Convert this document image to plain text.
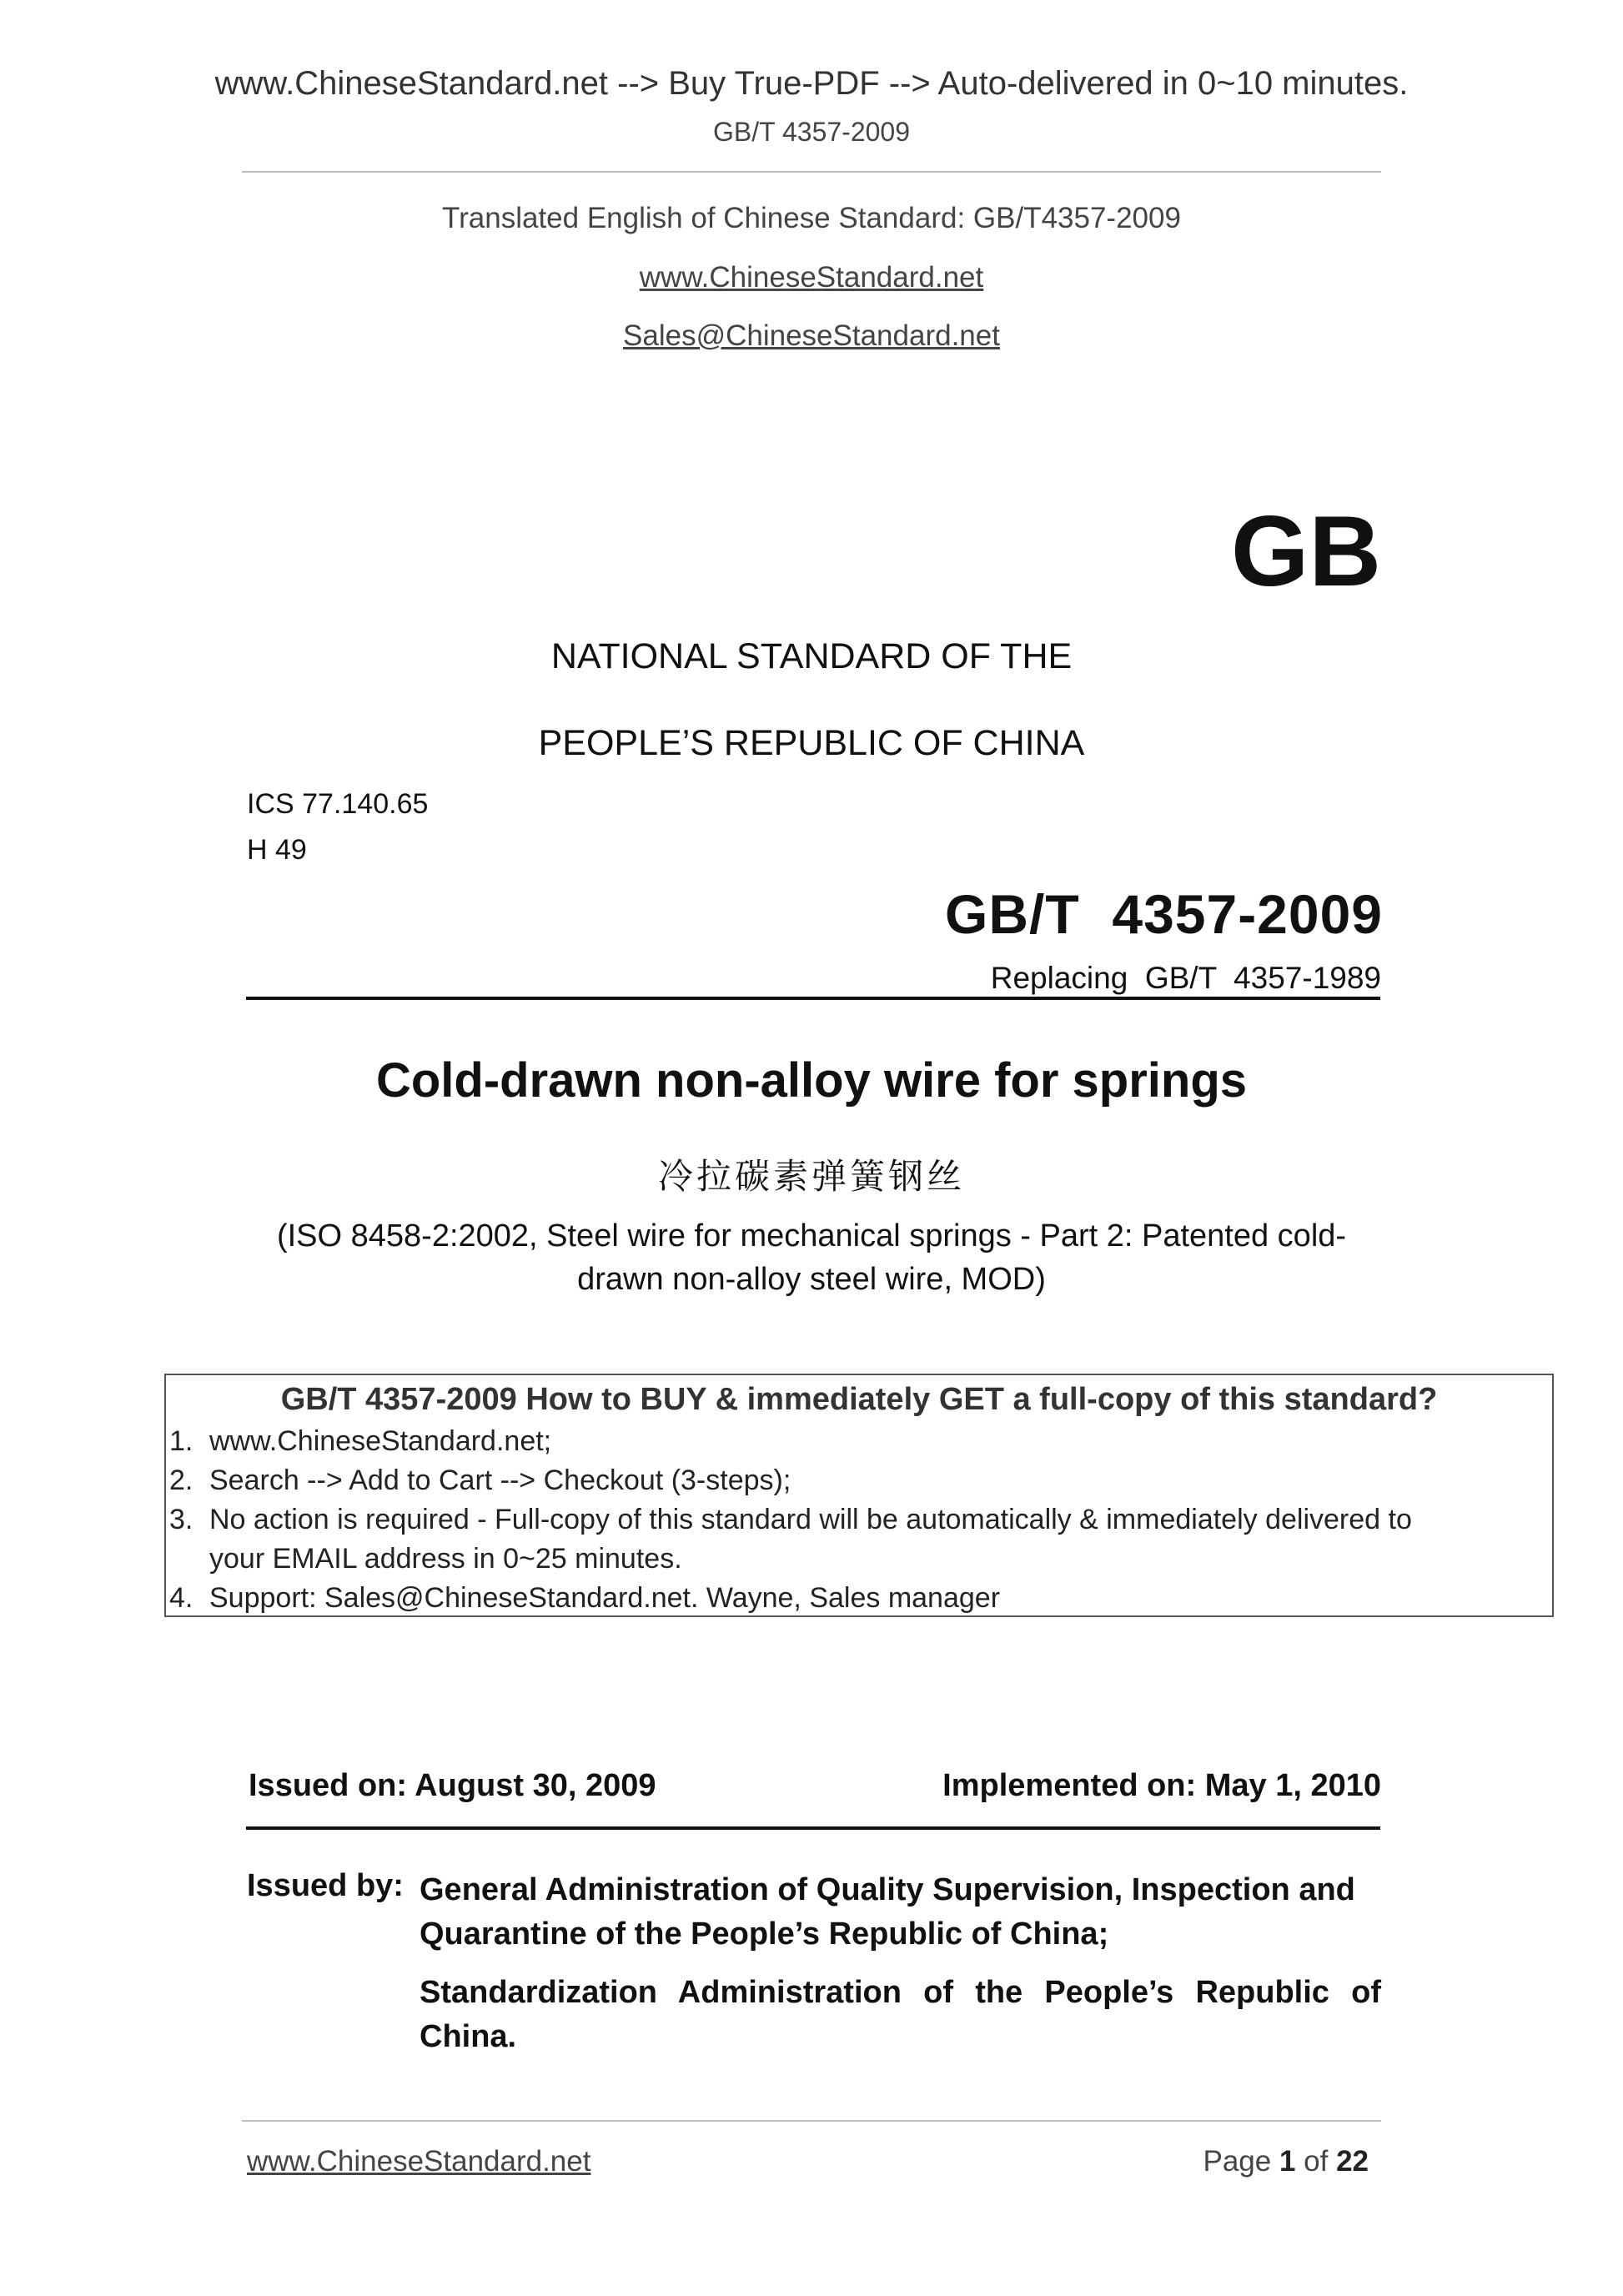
www.ChineseStandard.net --> Buy True-PDF --> Auto-delivered in 0~10 minutes.
GB/T 4357-2009
Translated English of Chinese Standard: GB/T4357-2009
www.ChineseStandard.net
Sales@ChineseStandard.net
GB
NATIONAL STANDARD OF THE
PEOPLE’S REPUBLIC OF CHINA
ICS 77.140.65
H 49
GB/T  4357-2009
Replacing  GB/T  4357-1989
Cold-drawn non-alloy wire for springs
冷拉碳素弹簧钢丝
(ISO 8458-2:2002, Steel wire for mechanical springs - Part 2: Patented cold-drawn non-alloy steel wire, MOD)
GB/T 4357-2009 How to BUY & immediately GET a full-copy of this standard?
1. www.ChineseStandard.net;
2. Search --> Add to Cart --> Checkout (3-steps);
3. No action is required - Full-copy of this standard will be automatically & immediately delivered to
your EMAIL address in 0~25 minutes.
4. Support: Sales@ChineseStandard.net. Wayne, Sales manager
Issued on: August 30, 2009	Implemented on: May 1, 2010
Issued by: General Administration of Quality Supervision, Inspection and Quarantine of the People’s Republic of China;
Standardization Administration of the People’s Republic of China.
www.ChineseStandard.net	Page 1 of 22
